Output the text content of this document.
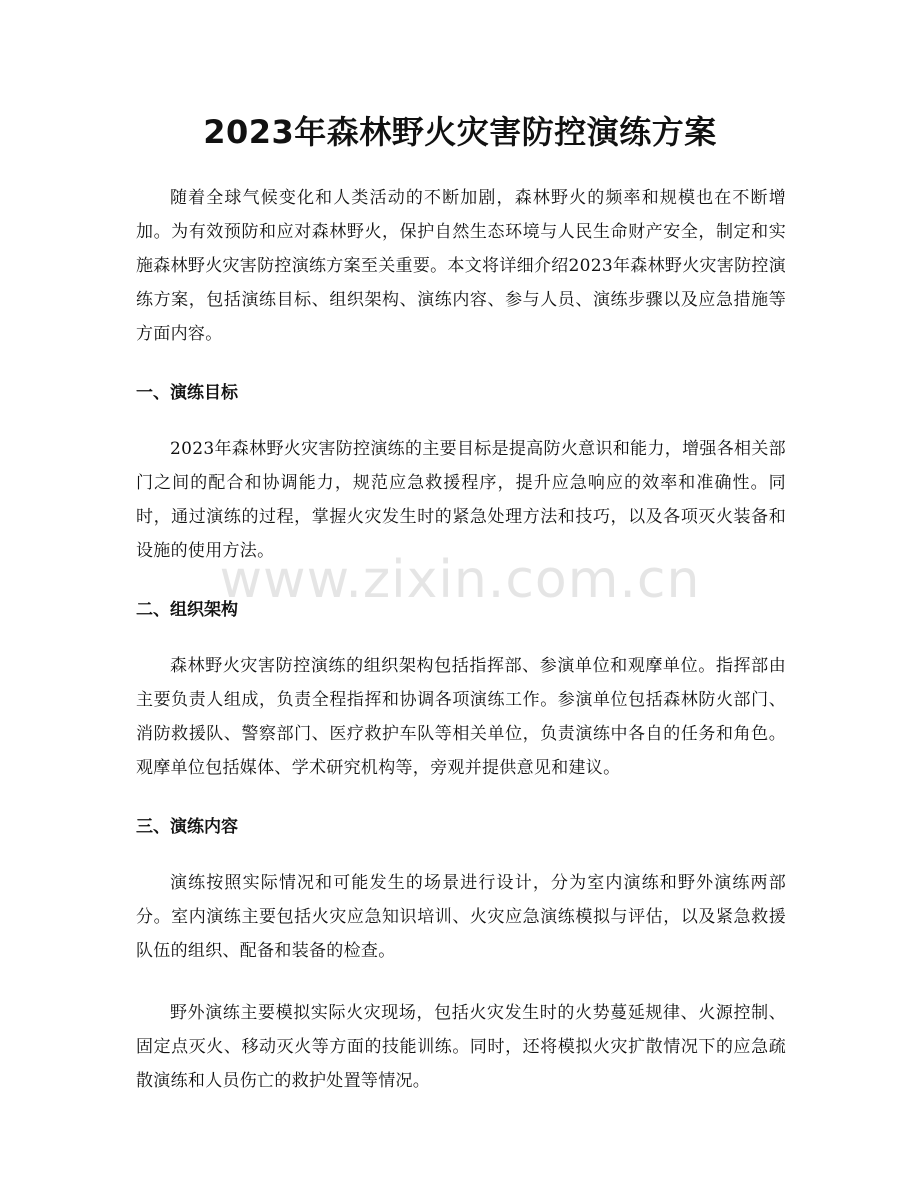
2023年森林野火灾害防控演练方案

随着全球气候变化和人类活动的不断加剧，森林野火的频率和规模也在不断增加。为有效预防和应对森林野火，保护自然生态环境与人民生命财产安全，制定和实施森林野火灾害防控演练方案至关重要。本文将详细介绍2023年森林野火灾害防控演练方案，包括演练目标、组织架构、演练内容、参与人员、演练步骤以及应急措施等方面内容。

一、演练目标

2023年森林野火灾害防控演练的主要目标是提高防火意识和能力，增强各相关部门之间的配合和协调能力，规范应急救援程序，提升应急响应的效率和准确性。同时，通过演练的过程，掌握火灾发生时的紧急处理方法和技巧，以及各项灭火装备和设施的使用方法。

二、组织架构

森林野火灾害防控演练的组织架构包括指挥部、参演单位和观摩单位。指挥部由主要负责人组成，负责全程指挥和协调各项演练工作。参演单位包括森林防火部门、消防救援队、警察部门、医疗救护车队等相关单位，负责演练中各自的任务和角色。观摩单位包括媒体、学术研究机构等，旁观并提供意见和建议。

三、演练内容

演练按照实际情况和可能发生的场景进行设计，分为室内演练和野外演练两部分。室内演练主要包括火灾应急知识培训、火灾应急演练模拟与评估，以及紧急救援队伍的组织、配备和装备的检查。

野外演练主要模拟实际火灾现场，包括火灾发生时的火势蔓延规律、火源控制、固定点灭火、移动灭火等方面的技能训练。同时，还将模拟火灾扩散情况下的应急疏散演练和人员伤亡的救护处置等情况。

www.zixin.com.cn
